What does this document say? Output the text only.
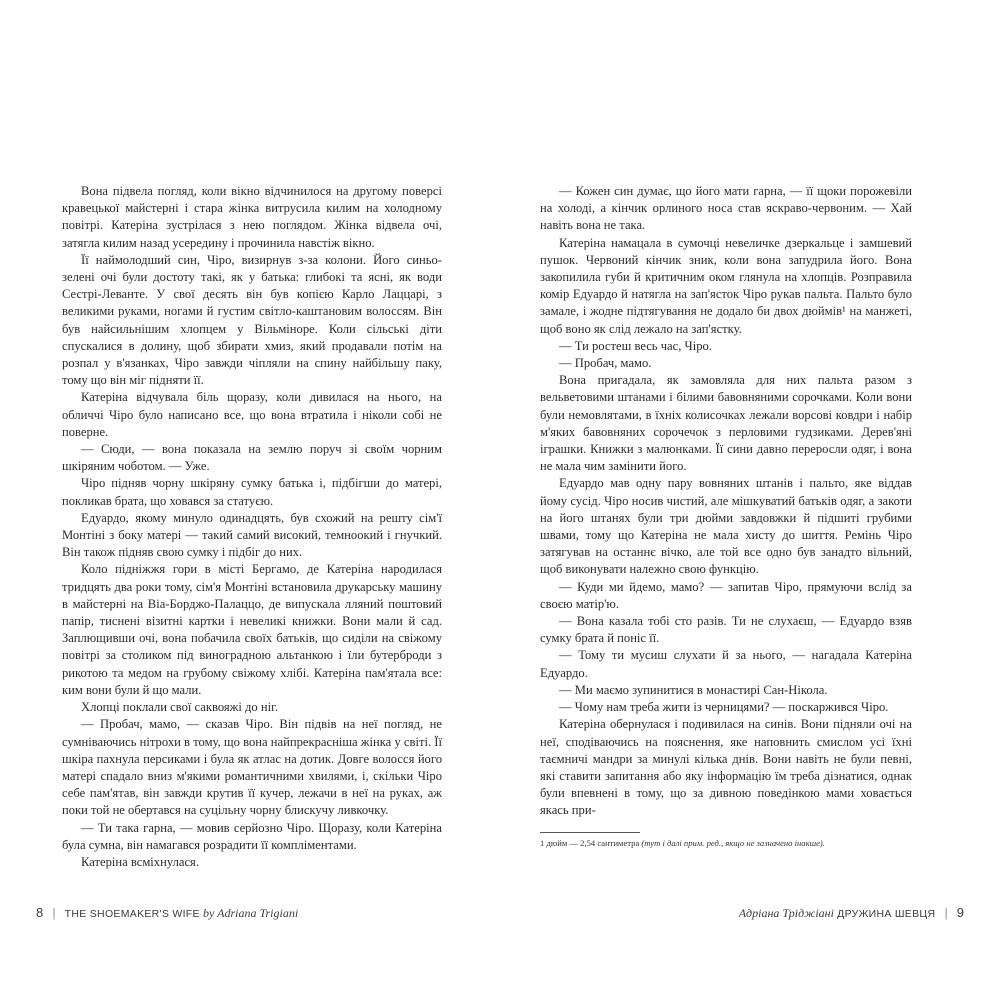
Вона підвела погляд, коли вікно відчинилося на другому поверсі кравецької майстерні і стара жінка витрусила килим на холодному повітрі. Катеріна зустрілася з нею поглядом. Жінка відвела очі, затягла килим назад усередину і прочинила навстіж вікно.

Її наймолодший син, Чіро, визирнув з-за колони. Його синьо-зелені очі були достоту такі, як у батька: глибокі та ясні, як води Сестрі-Леванте. У свої десять він був копією Карло Лаццарі, з великими руками, ногами й густим світло-каштановим волоссям. Він був найсильнішим хлопцем у Вільміноре. Коли сільські діти спускалися в долину, щоб збирати хмиз, який продавали потім на розпал у в'язанках, Чіро завжди чіпляли на спину найбільшу паку, тому що він міг підняти її.

Катеріна відчувала біль щоразу, коли дивилася на нього, на обличчі Чіро було написано все, що вона втратила і ніколи собі не поверне.

— Сюди, — вона показала на землю поруч зі своїм чорним шкіряним чоботом. — Уже.

Чіро підняв чорну шкіряну сумку батька і, підбігши до матері, покликав брата, що ховався за статуєю.

Едуардо, якому минуло одинадцять, був схожий на решту сім'ї Монтіні з боку матері — такий самий високий, темноокий і гнучкий. Він також підняв свою сумку і підбіг до них.

Коло підніжжя гори в місті Бергамо, де Катеріна народилася тридцять два роки тому, сім'я Монтіні встановила друкарську машину в майстерні на Віа-Борджо-Палаццо, де випускала лляний поштовий папір, тиснені візитні картки і невеликі книжки. Вони мали й сад. Заплющивши очі, вона побачила своїх батьків, що сиділи на свіжому повітрі за столиком під виноградною альтанкою і їли бутерброди з рикотою та медом на грубому свіжому хлібі. Катеріна пам'ятала все: ким вони були й що мали.

Хлопці поклали свої саквояжі до ніг.

— Пробач, мамо, — сказав Чіро. Він підвів на неї погляд, не сумніваючись нітрохи в тому, що вона найпрекрасніша жінка у світі. Її шкіра пахнула персиками і була як атлас на дотик. Довге волосся його матері спадало вниз м'якими романтичними хвилями, і, скільки Чіро себе пам'ятав, він завжди крутив її кучер, лежачи в неї на руках, аж поки той не обертався на суцільну чорну блискучу ливкочку.

— Ти така гарна, — мовив серйозно Чіро. Щоразу, коли Катеріна була сумна, він намагався розрадити її компліментами.

Катеріна всміхнулася.

8 | THE SHOEMAKER'S WIFE by Adriana Trigiani

— Кожен син думає, що його мати гарна, — її щоки порожевіли на холоді, а кінчик орлиного носа став яскраво-червоним. — Хай навіть вона не така.

Катеріна намацала в сумочці невеличке дзеркальце і замшевий пушок. Червоний кінчик зник, коли вона запудрила його. Вона закопилила губи й критичним оком глянула на хлопців. Розправила комір Едуардо й натягла на зап'ясток Чіро рукав пальта. Пальто було замале, і жодне підтягування не додало би двох дюймів¹ на манжеті, щоб воно як слід лежало на зап'ястку.

— Ти ростеш весь час, Чіро.

— Пробач, мамо.

Вона пригадала, як замовляла для них пальта разом з вельветовими штанами і білими бавовняними сорочками. Коли вони були немовлятами, в їхніх колисочках лежали ворсові ковдри і набір м'яких бавовняних сорочечок з перловими гудзиками. Дерев'яні іграшки. Книжки з малюнками. Її сини давно переросли одяг, і вона не мала чим замінити його.

Едуардо мав одну пару вовняних штанів і пальто, яке віддав йому сусід. Чіро носив чистий, але мішкуватий батьків одяг, а закоти на його штанях були три дюйми завдовжки й підшиті грубими швами, тому що Катеріна не мала хисту до шиття. Ремінь Чіро затягував на останнє вічко, але той все одно був занадто вільний, щоб виконувати належно свою функцію.

— Куди ми йдемо, мамо? — запитав Чіро, прямуючи вслід за своєю матір'ю.

— Вона казала тобі сто разів. Ти не слухаєш, — Едуардо взяв сумку брата й поніс її.

— Тому ти мусиш слухати й за нього, — нагадала Катеріна Едуардо.

— Ми маємо зупинитися в монастирі Сан-Нікола.

— Чому нам треба жити із черницями? — поскаржився Чіро.

Катеріна обернулася і подивилася на синів. Вони підняли очі на неї, сподіваючись на пояснення, яке наповнить смислом усі їхні таємничі мандри за минулі кілька днів. Вони навіть не були певні, які ставити запитання або яку інформацію їм треба дізнатися, однак були впевнені в тому, що за дивною поведінкою мами ховається якась при-

1 дюйм — 2,54 сантиметра (тут і далі прим. ред., якщо не зазначено інакше).
Адріана Тріджіані ДРУЖИНА ШЕВЦЯ | 9
